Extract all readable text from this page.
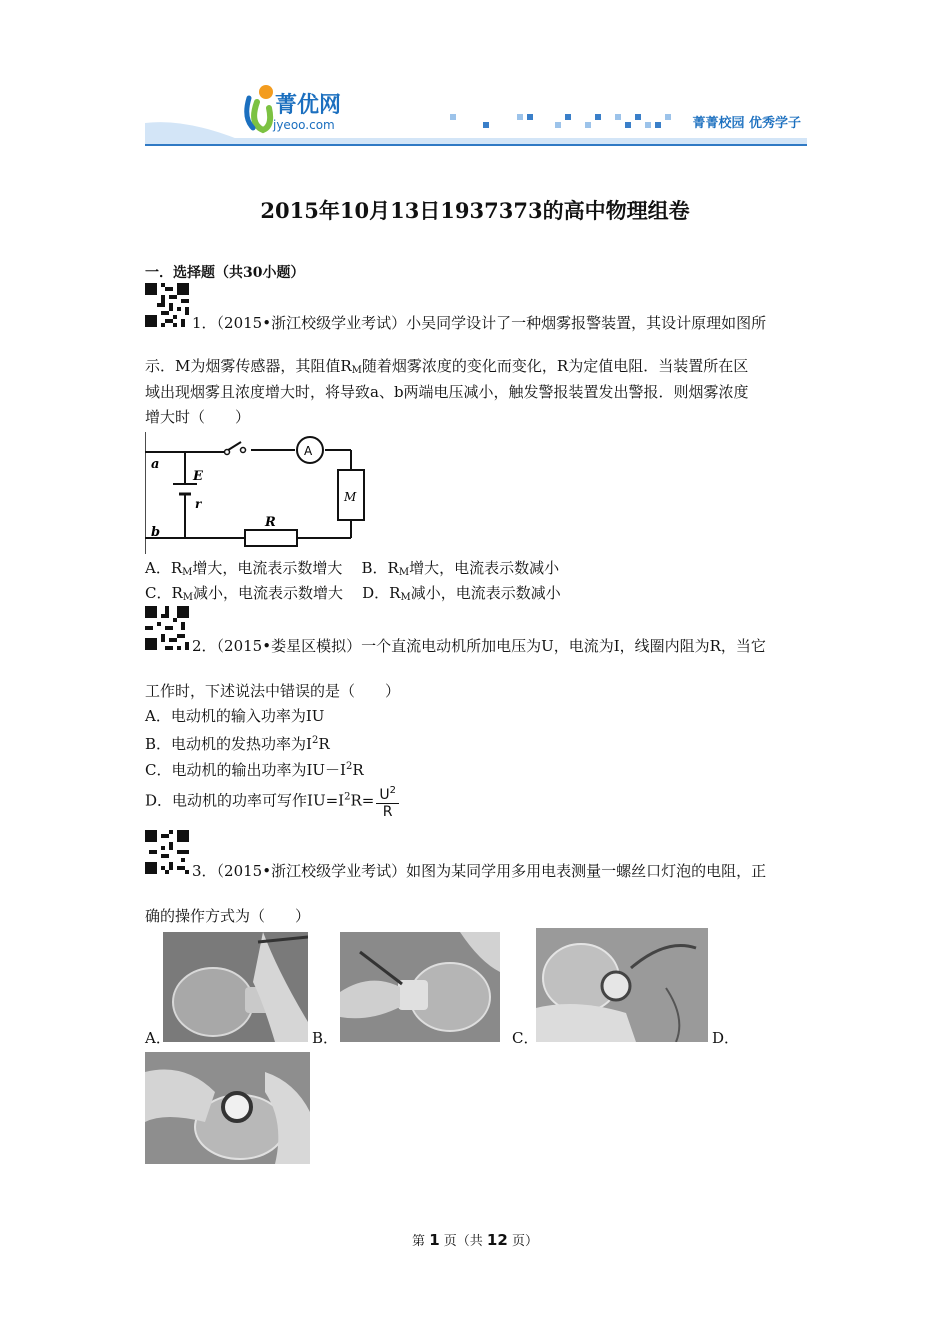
菁优网
jyeoo.com	菁菁校园 优秀学子
2015年10月13日1937373的高中物理组卷
一．选择题（共30小题）
1．（2015•浙江校级学业考试）小吴同学设计了一种烟雾报警装置，其设计原理如图所
示．M为烟雾传感器，其阻值$R_M$随着烟雾浓度的变化而变化，R为定值电阻．当装置所在区
域出现烟雾且浓度增大时，将导致a、b两端电压减小，触发警报装置发出警报．则烟雾浓度
增大时（　　）
a
b
E
r
A
M
R
A．$R_M$增大，电流表示数增大 B．$R_M$增大，电流表示数减小
C．$R_M$减小，电流表示数增大 D．$R_M$减小，电流表示数减小
2．（2015•娄星区模拟）一个直流电动机所加电压为U，电流为I，线圈内阻为R，当它
工作时，下述说法中错误的是（　　）
A．电动机的输入功率为IU
B．电动机的发热功率为$I^2R$
C．电动机的输出功率为$IU-I^2R$
D．电动机的功率可写作$IU=I^2R= \frac{U^2}{R}$
3．（2015•浙江校级学业考试）如图为某同学用多用电表测量一螺丝口灯泡的电阻，正
确的操作方式为（　　）
A．	B．	C．	D．
第 1 页（共 12 页）
